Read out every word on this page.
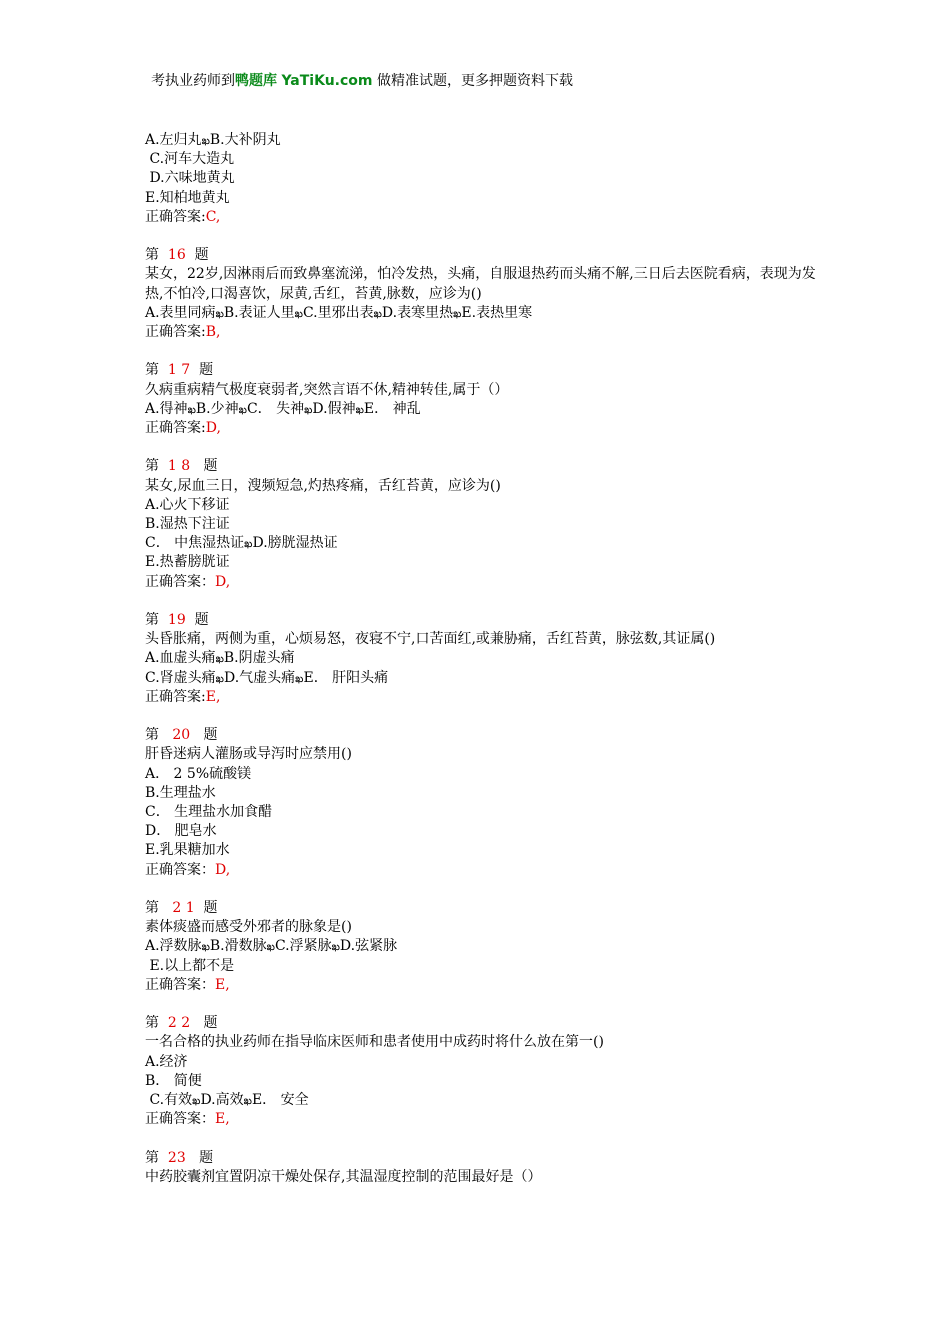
考执业药师到鸭题库 YaTiKu.com 做精准试题，更多押题资料下载
A.左归丸ఖB.大补阴丸
C.河车大造丸
D.六味地黄丸
E.知柏地黄丸
正确答案:C,
第 16 题
某女，22岁,因淋雨后而致鼻塞流涕，怕冷发热，头痛，自服退热药而头痛不解,三日后去医院看病，表现为发热,不怕冷,口渴喜饮，尿黄,舌红，苔黄,脉数，应诊为()
A.表里同病ఖB.表证人里ఖC.里邪出表ఖD.表寒里热ఖE.表热里寒
正确答案:B,
第 1 7 题
久病重病精气极度衰弱者,突然言语不休,精神转佳,属于（）
A.得神ఖB.少神ఖC． 失神ఖD.假神ఖE． 神乱
正确答案:D,
第 1 8 题
某女,尿血三日，溲频短急,灼热疼痛，舌红苔黄，应诊为()
A.心火下移证
B.湿热下注证
C． 中焦湿热证ఖD.膀胱湿热证
E.热蓄膀胱证
正确答案：D,
第 19 题
头昏胀痛，两侧为重，心烦易怒，夜寝不宁,口苦面红,或兼胁痛，舌红苔黄，脉弦数,其证属()
A.血虚头痛ఖB.阴虚头痛
C.肾虚头痛ఖD.气虚头痛ఖE． 肝阳头痛
正确答案:E,
第 20 题
肝昏迷病人灌肠或导泻时应禁用()
A． 2 5%硫酸镁
B.生理盐水
C． 生理盐水加食醋
D． 肥皂水
E.乳果糖加水
正确答案：D,
第 2 1 题
素体痰盛而感受外邪者的脉象是()
A.浮数脉ఖB.滑数脉ఖC.浮紧脉ఖD.弦紧脉
E.以上都不是
正确答案：E,
第 2 2 题
一名合格的执业药师在指导临床医师和患者使用中成药时将什么放在第一()
A.经济
B． 简便
C.有效ఖD.高效ఖE． 安全
正确答案：E,
第 23 题
中药胶囊剂宜置阴凉干燥处保存,其温湿度控制的范围最好是（）
